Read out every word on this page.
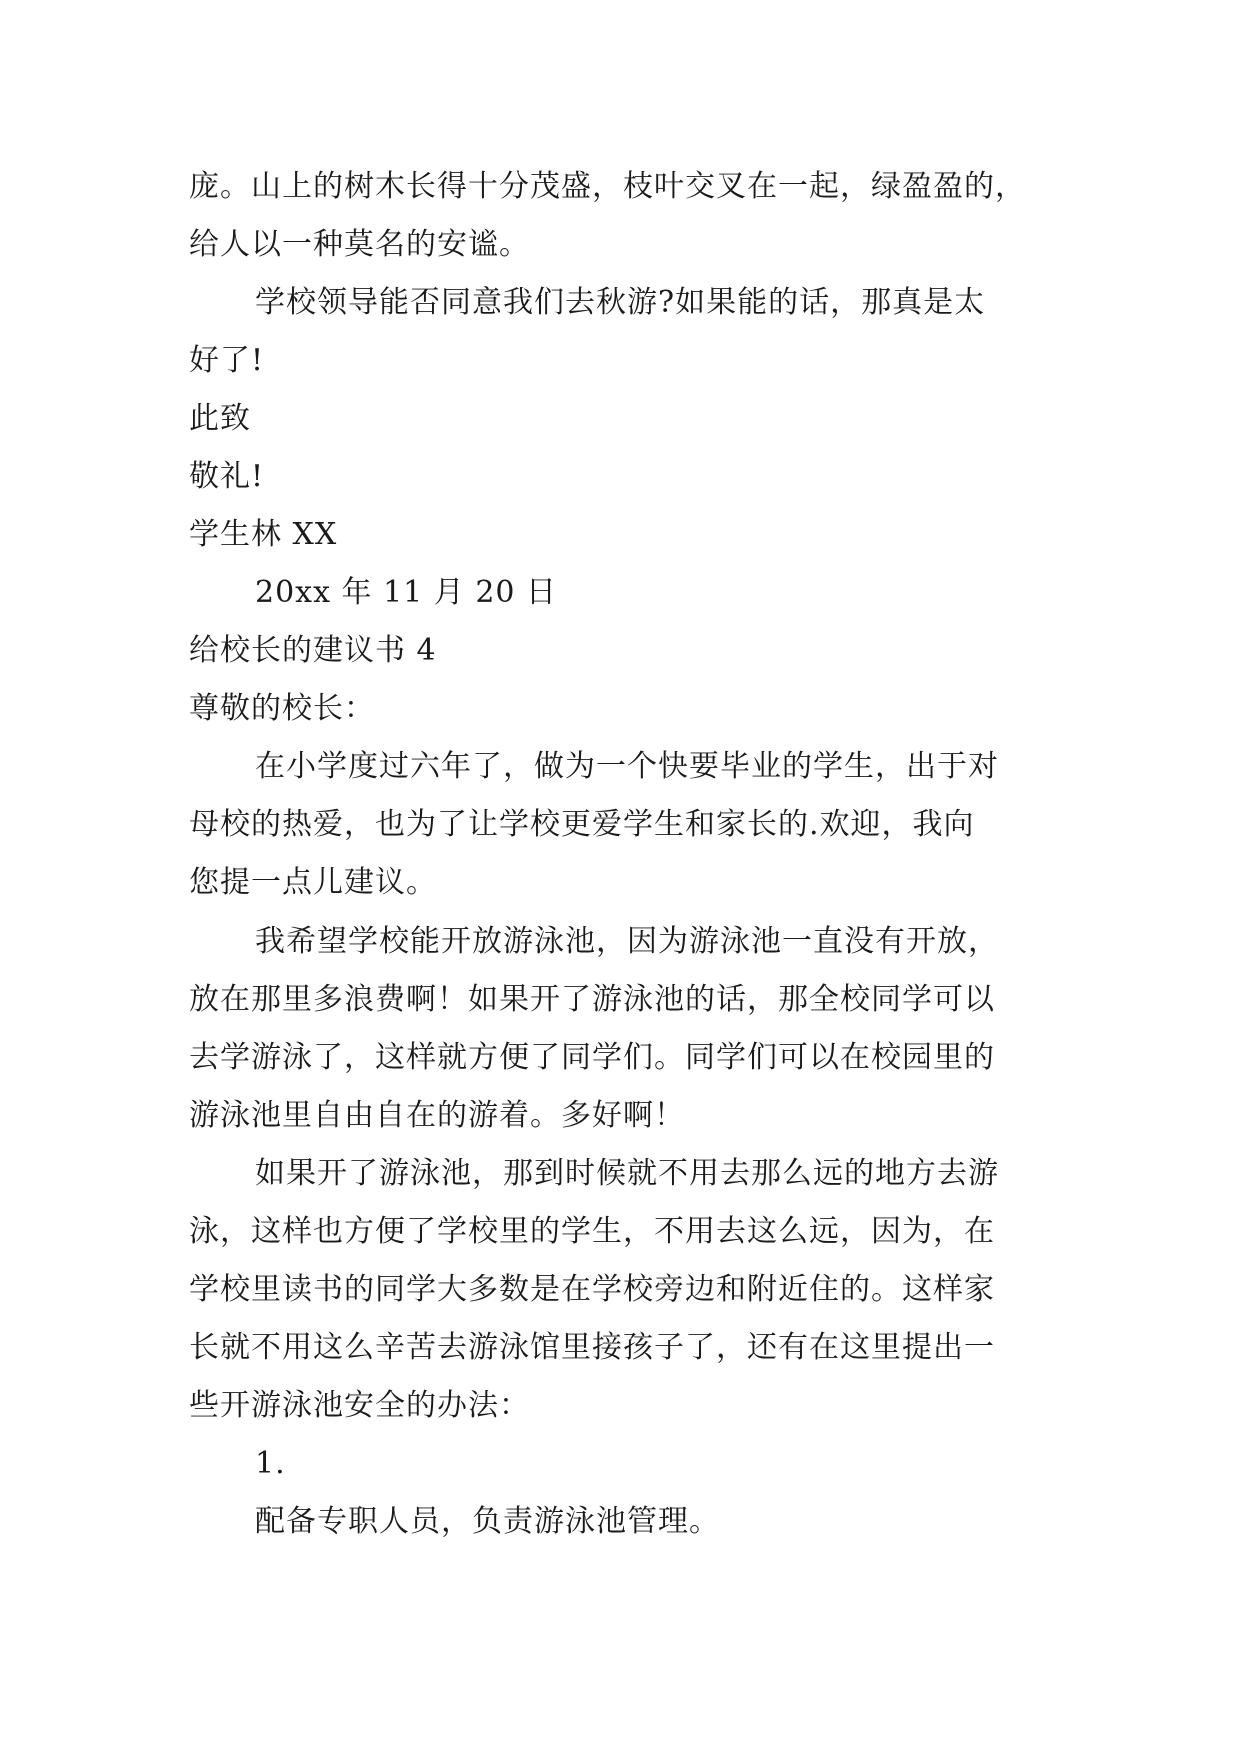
庞。山上的树木长得十分茂盛，枝叶交叉在一起，绿盈盈的，
给人以一种莫名的安谧。
学校领导能否同意我们去秋游?如果能的话，那真是太
好了!
此致
敬礼!
学生林 XX
20xx 年 11 月 20 日
给校长的建议书 4
尊敬的校长：
在小学度过六年了，做为一个快要毕业的学生，出于对
母校的热爱，也为了让学校更爱学生和家长的.欢迎，我向
您提一点儿建议。
我希望学校能开放游泳池，因为游泳池一直没有开放，
放在那里多浪费啊！如果开了游泳池的话，那全校同学可以
去学游泳了，这样就方便了同学们。同学们可以在校园里的
游泳池里自由自在的游着。多好啊！
如果开了游泳池，那到时候就不用去那么远的地方去游
泳，这样也方便了学校里的学生，不用去这么远，因为，在
学校里读书的同学大多数是在学校旁边和附近住的。这样家
长就不用这么辛苦去游泳馆里接孩子了，还有在这里提出一
些开游泳池安全的办法：
1.
配备专职人员，负责游泳池管理。
